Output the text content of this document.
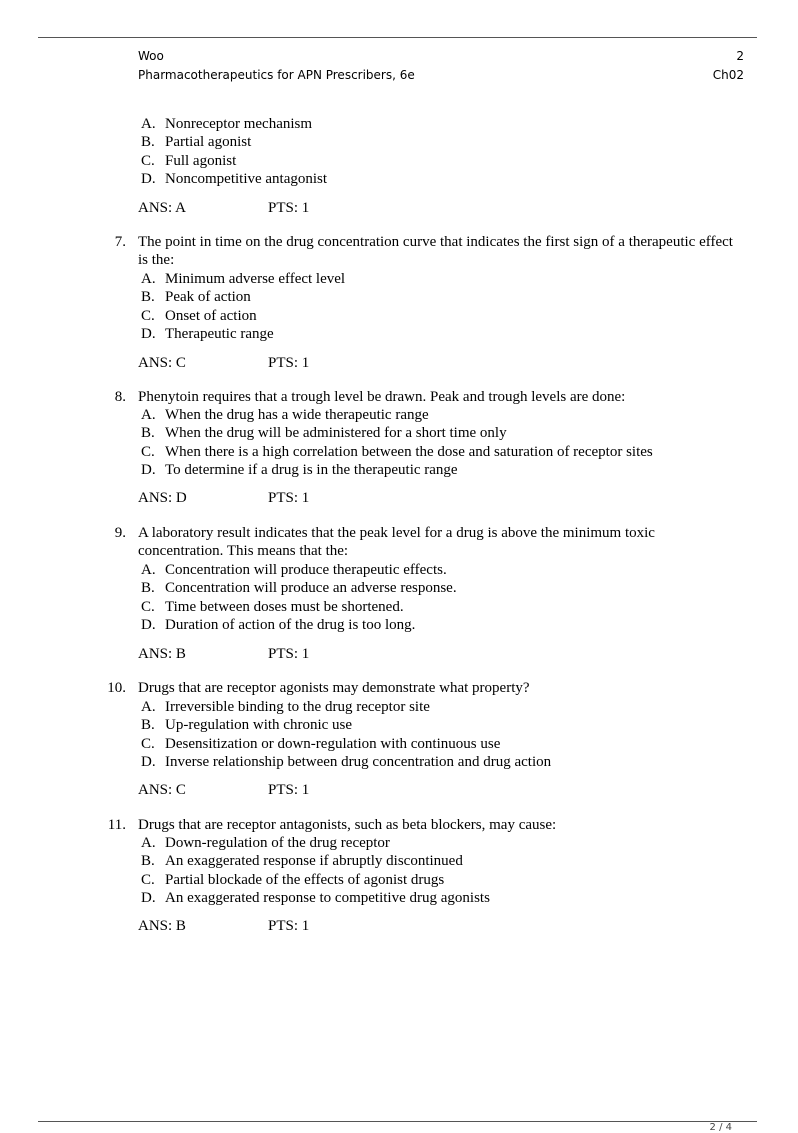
Woo
Pharmacotherapeutics for APN Prescribers, 6e
2
Ch02
A. Nonreceptor mechanism
B. Partial agonist
C. Full agonist
D. Noncompetitive antagonist
ANS: A	PTS: 1
7. The point in time on the drug concentration curve that indicates the first sign of a therapeutic effect is the:
A. Minimum adverse effect level
B. Peak of action
C. Onset of action
D. Therapeutic range
ANS: C	PTS: 1
8. Phenytoin requires that a trough level be drawn. Peak and trough levels are done:
A. When the drug has a wide therapeutic range
B. When the drug will be administered for a short time only
C. When there is a high correlation between the dose and saturation of receptor sites
D. To determine if a drug is in the therapeutic range
ANS: D	PTS: 1
9. A laboratory result indicates that the peak level for a drug is above the minimum toxic concentration. This means that the:
A. Concentration will produce therapeutic effects.
B. Concentration will produce an adverse response.
C. Time between doses must be shortened.
D. Duration of action of the drug is too long.
ANS: B	PTS: 1
10. Drugs that are receptor agonists may demonstrate what property?
A. Irreversible binding to the drug receptor site
B. Up-regulation with chronic use
C. Desensitization or down-regulation with continuous use
D. Inverse relationship between drug concentration and drug action
ANS: C	PTS: 1
11. Drugs that are receptor antagonists, such as beta blockers, may cause:
A. Down-regulation of the drug receptor
B. An exaggerated response if abruptly discontinued
C. Partial blockade of the effects of agonist drugs
D. An exaggerated response to competitive drug agonists
ANS: B	PTS: 1
2 / 4
